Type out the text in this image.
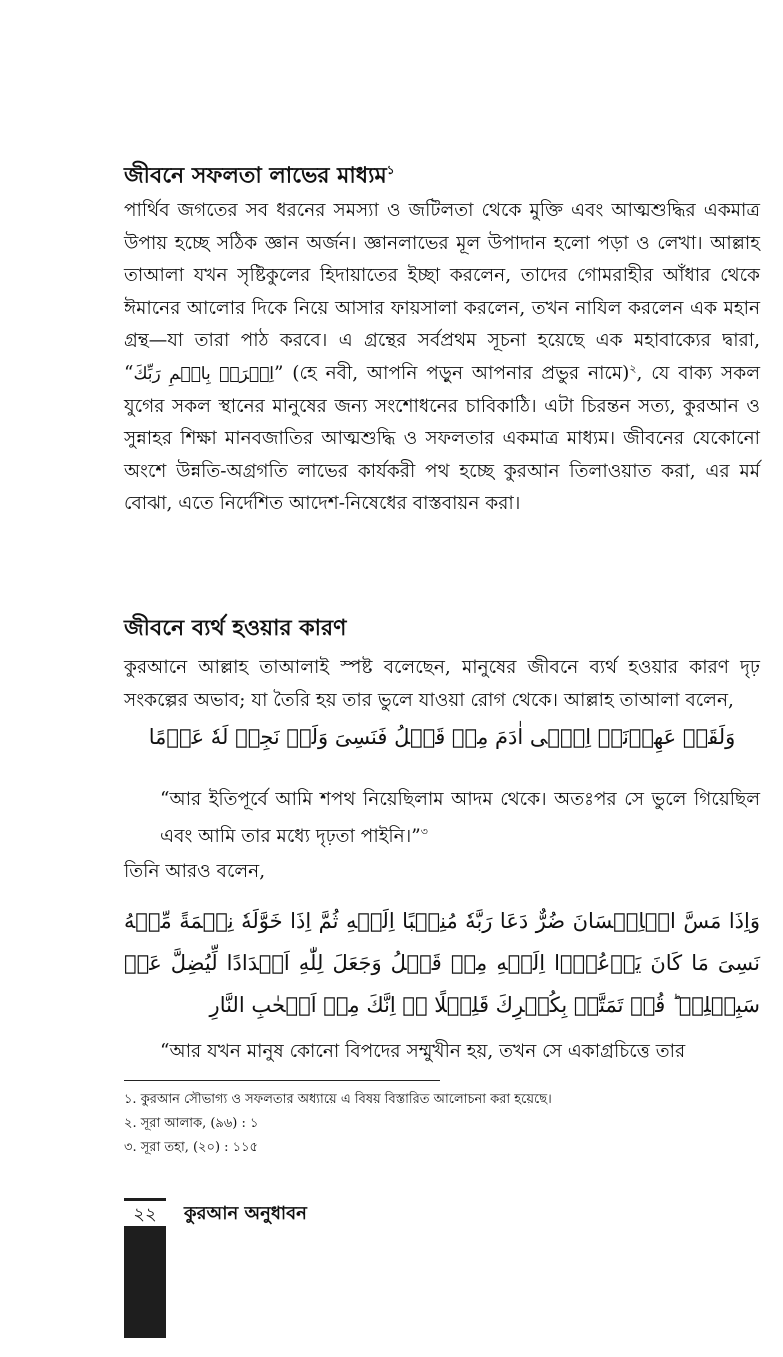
জীবনে সফলতা লাভের মাধ্যম$^১$
পার্থিব জগতের সব ধরনের সমস্যা ও জটিলতা থেকে মুক্তি এবং আত্মশুদ্ধির একমাত্র উপায় হচ্ছে সঠিক জ্ঞান অর্জন। জ্ঞানলাভের মূল উপাদান হলো পড়া ও লেখা। আল্লাহ তাআলা যখন সৃষ্টিকুলের হিদায়াতের ইচ্ছা করলেন, তাদের গোমরাহীর আঁধার থেকে ঈমানের আলোর দিকে নিয়ে আসার ফায়সালা করলেন, তখন নাযিল করলেন এক মহান গ্রন্থ—যা তারা পাঠ করবে। এ গ্রন্থের সর্বপ্রথম সূচনা হয়েছে এক মহাবাক্যের দ্বারা, “اِقۡرَاۡ بِاسۡمِ رَبِّكَ” (হে নবী, আপনি পড়ুন আপনার প্রভুর নামে)$^২$, যে বাক্য সকল যুগের সকল স্থানের মানুষের জন্য সংশোধনের চাবিকাঠি। এটা চিরন্তন সত্য, কুরআন ও সুন্নাহর শিক্ষা মানবজাতির আত্মশুদ্ধি ও সফলতার একমাত্র মাধ্যম। জীবনের যেকোনো অংশে উন্নতি-অগ্রগতি লাভের কার্যকরী পথ হচ্ছে কুরআন তিলাওয়াত করা, এর মর্ম বোঝা, এতে নির্দেশিত আদেশ-নিষেধের বাস্তবায়ন করা।
জীবনে ব্যর্থ হওয়ার কারণ
কুরআনে আল্লাহ তাআলাই স্পষ্ট বলেছেন, মানুষের জীবনে ব্যর্থ হওয়ার কারণ দৃঢ় সংকল্পের অভাব; যা তৈরি হয় তার ভুলে যাওয়া রোগ থেকে। আল্লাহ তাআলা বলেন,
وَلَقَدۡ عَهِدۡنَاۤ اِلٰۤی اٰدَمَ مِنۡ قَبۡلُ فَنَسِیَ وَلَمۡ نَجِدۡ لَهٗ عَزۡمًا
“আর ইতিপূর্বে আমি শপথ নিয়েছিলাম আদম থেকে। অতঃপর সে ভুলে গিয়েছিল এবং আমি তার মধ্যে দৃঢ়তা পাইনি।”$^৩$
তিনি আরও বলেন,
وَاِذَا مَسَّ الۡاِنۡسَانَ ضُرٌّ دَعَا رَبَّهٗ مُنِیۡبًا اِلَیۡهِ ثُمَّ اِذَا خَوَّلَهٗ نِعۡمَةً مِّنۡهُ نَسِیَ مَا كَانَ یَدۡعُوۡۤا اِلَیۡهِ مِنۡ قَبۡلُ وَجَعَلَ لِلّٰهِ اَنۡدَادًا لِّیُضِلَّ عَنۡ سَبِیۡلِهٖ ؕ قُلۡ تَمَتَّعۡ بِكُفۡرِكَ قَلِیۡلًا ٭ۖ اِنَّكَ مِنۡ اَصۡحٰبِ النَّارِ
“আর যখন মানুষ কোনো বিপদের সম্মুখীন হয়, তখন সে একাগ্রচিত্তে তার
১. কুরআন সৌভাগ্য ও সফলতার অধ্যায়ে এ বিষয় বিস্তারিত আলোচনা করা হয়েছে।
২. সূরা আলাক, (৯৬) : ১
৩. সূরা তহা, (২০) : ১১৫
২২	কুরআন অনুধাবন
